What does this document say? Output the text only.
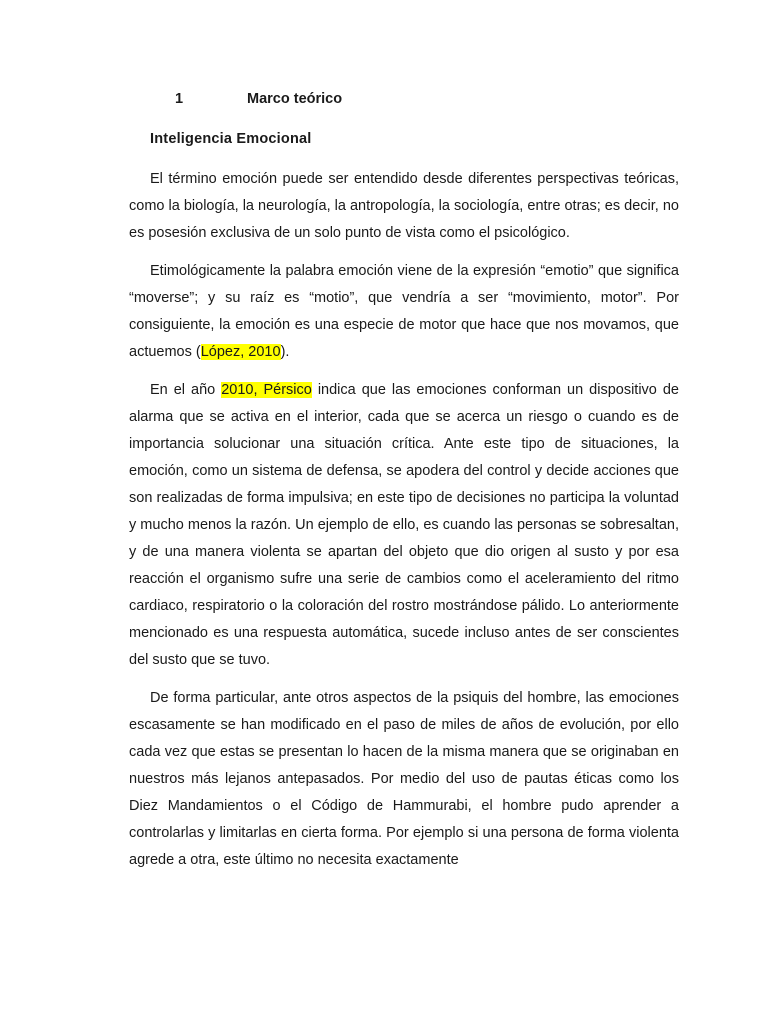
1	Marco teórico
Inteligencia Emocional

El término emoción puede ser entendido desde diferentes perspectivas teóricas, como la biología, la neurología, la antropología, la sociología, entre otras; es decir, no es posesión exclusiva de un solo punto de vista como el psicológico.

Etimológicamente la palabra emoción viene de la expresión “emotio” que significa “moverse”; y su raíz es “motio”, que vendría a ser “movimiento, motor”. Por consiguiente, la emoción es una especie de motor que hace que nos movamos, que actuemos (López, 2010).

En el año 2010, Pérsico indica que las emociones conforman un dispositivo de alarma que se activa en el interior, cada que se acerca un riesgo o cuando es de importancia solucionar una situación crítica. Ante este tipo de situaciones, la emoción, como un sistema de defensa, se apodera del control y decide acciones que son realizadas de forma impulsiva; en este tipo de decisiones no participa la voluntad y mucho menos la razón. Un ejemplo de ello, es cuando las personas se sobresaltan, y de una manera violenta se apartan del objeto que dio origen al susto y por esa reacción el organismo sufre una serie de cambios como el aceleramiento del ritmo cardiaco, respiratorio o la coloración del rostro mostrándose pálido. Lo anteriormente mencionado es una respuesta automática, sucede incluso antes de ser conscientes del susto que se tuvo.

De forma particular, ante otros aspectos de la psiquis del hombre, las emociones escasamente se han modificado en el paso de miles de años de evolución, por ello cada vez que estas se presentan lo hacen de la misma manera que se originaban en nuestros más lejanos antepasados. Por medio del uso de pautas éticas como los Diez Mandamientos o el Código de Hammurabi, el hombre pudo aprender a controlarlas y limitarlas en cierta forma. Por ejemplo si una persona de forma violenta agrede a otra, este último no necesita exactamente
